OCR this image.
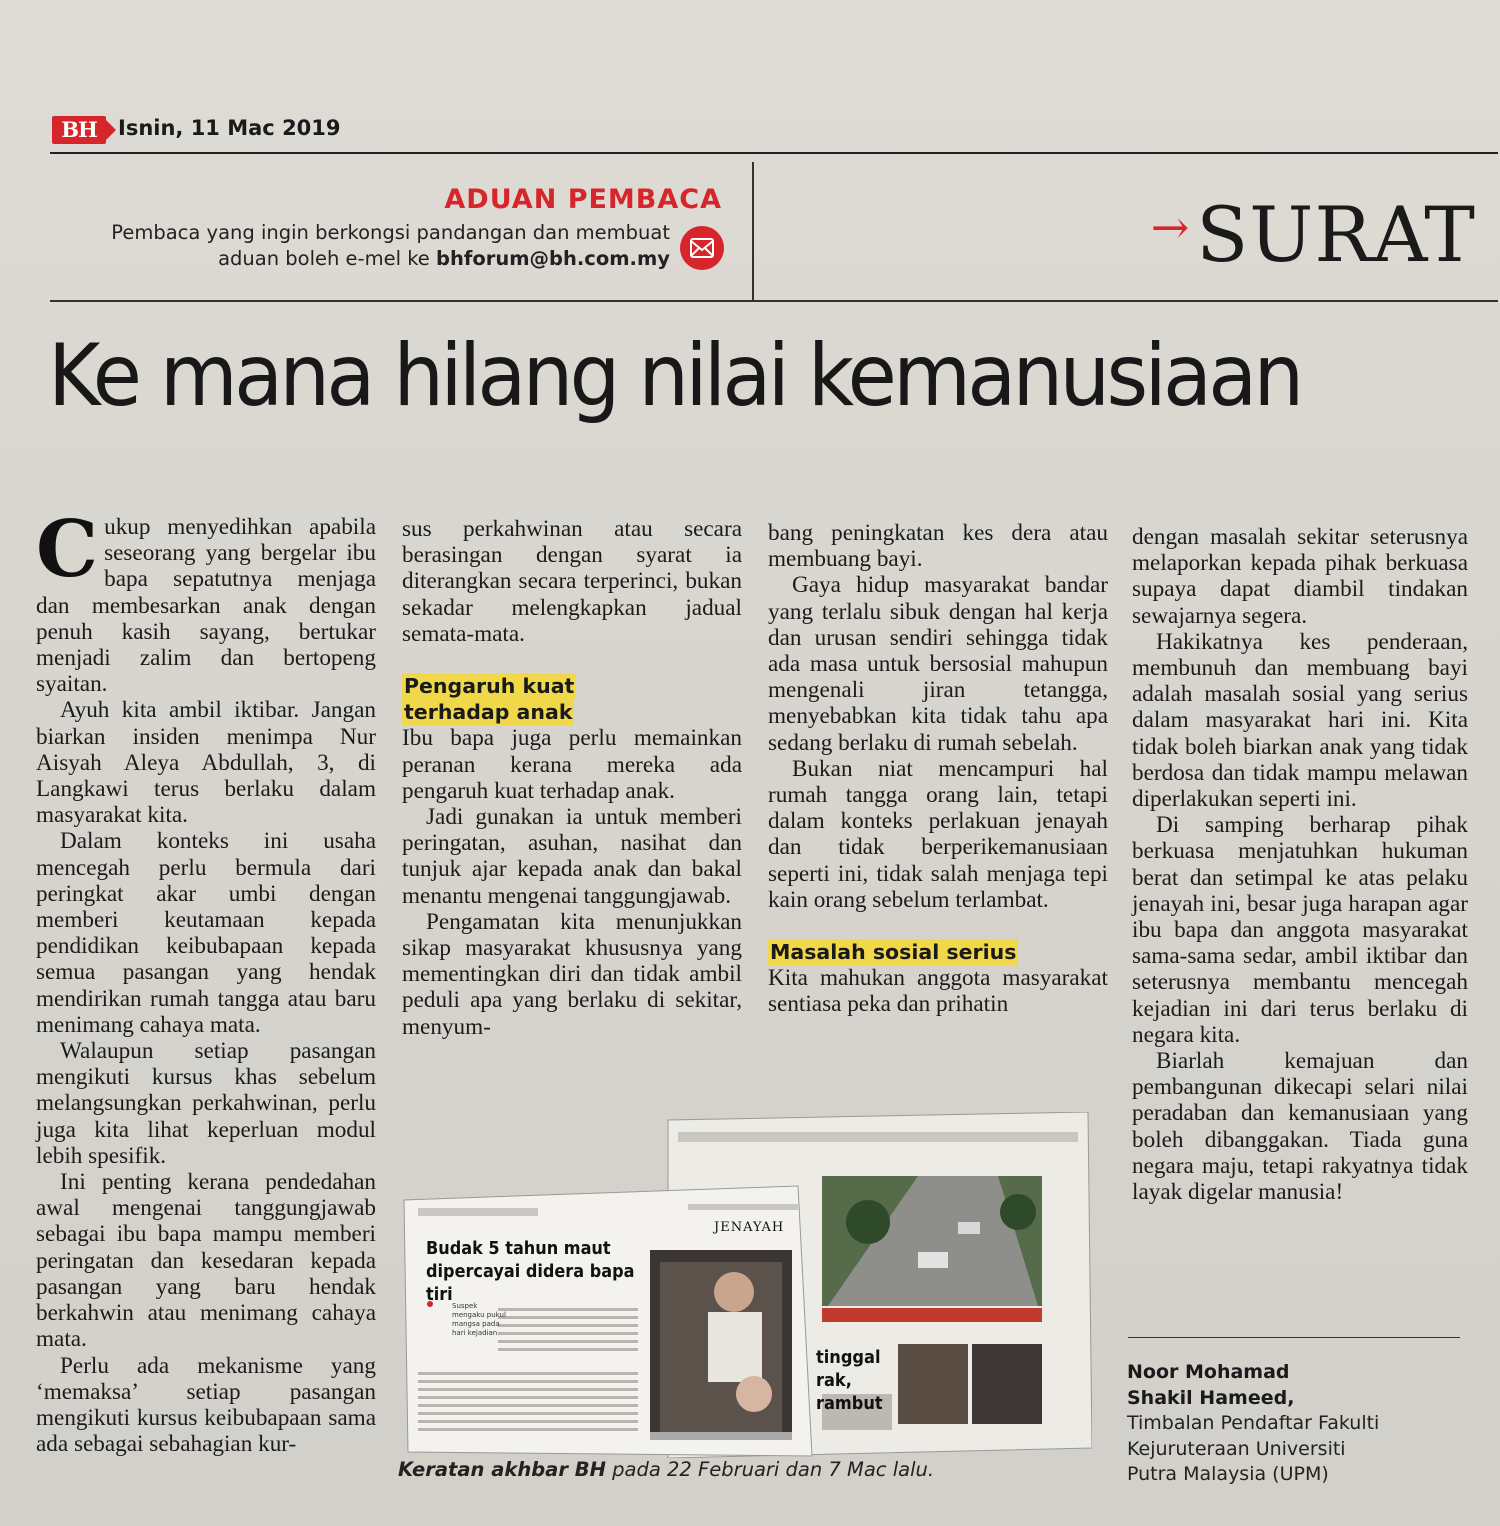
BH	Isnin, 11 Mac 2019
ADUAN PEMBACA
Pembaca yang ingin berkongsi pandangan dan membuat
aduan boleh e-mel ke bhforum@bh.com.my
→SURAT
Ke mana hilang nilai kemanusiaan

Cukup menyedihkan apabila seseorang yang bergelar ibu bapa sepatutnya menjaga dan membesarkan anak dengan penuh kasih sayang, bertukar menjadi zalim dan bertopeng syaitan.

Ayuh kita ambil iktibar. Jangan biarkan insiden menimpa Nur Aisyah Aleya Abdullah, 3, di Langkawi terus berlaku dalam masyarakat kita.

Dalam konteks ini usaha mencegah perlu bermula dari peringkat akar umbi dengan memberi keutamaan kepada pendidikan keibubapaan kepada semua pasangan yang hendak mendirikan rumah tangga atau baru menimang cahaya mata.

Walaupun setiap pasangan mengikuti kursus khas sebelum melangsungkan perkahwinan, perlu juga kita lihat keperluan modul lebih spesifik.

Ini penting kerana pendedahan awal mengenai tanggungjawab sebagai ibu bapa mampu memberi peringatan dan kesedaran kepada pasangan yang baru hendak berkahwin atau menimang cahaya mata.

Perlu ada mekanisme yang ‘memaksa’ setiap pasangan mengikuti kursus keibubapaan sama ada sebagai sebahagian kur-

sus perkahwinan atau secara berasingan dengan syarat ia diterangkan secara terperinci, bukan sekadar melengkapkan jadual semata-mata.

Pengaruh kuat
terhadap anak

Ibu bapa juga perlu memainkan peranan kerana mereka ada pengaruh kuat terhadap anak.

Jadi gunakan ia untuk memberi peringatan, asuhan, nasihat dan tunjuk ajar kepada anak dan bakal menantu mengenai tanggungjawab.

Pengamatan kita menunjukkan sikap masyarakat khususnya yang mementingkan diri dan tidak ambil peduli apa yang berlaku di sekitar, menyum-

bang peningkatan kes dera atau membuang bayi.

Gaya hidup masyarakat bandar yang terlalu sibuk dengan hal kerja dan urusan sendiri sehingga tidak ada masa untuk bersosial mahupun mengenali jiran tetangga, menyebabkan kita tidak tahu apa sedang berlaku di rumah sebelah.

Bukan niat mencampuri hal rumah tangga orang lain, tetapi dalam konteks perlakuan jenayah dan tidak berperikemanusiaan seperti ini, tidak salah menjaga tepi kain orang sebelum terlambat.

Masalah sosial serius

Kita mahukan anggota masyarakat sentiasa peka dan prihatin

dengan masalah sekitar seterusnya melaporkan kepada pihak berkuasa supaya dapat diambil tindakan sewajarnya segera.

Hakikatnya kes penderaan, membunuh dan membuang bayi adalah masalah sosial yang serius dalam masyarakat hari ini. Kita tidak boleh biarkan anak yang tidak berdosa dan tidak mampu melawan diperlakukan seperti ini.

Di samping berharap pihak berkuasa menjatuhkan hukuman berat dan setimpal ke atas pelaku jenayah ini, besar juga harapan agar ibu bapa dan anggota masyarakat sama-sama sedar, ambil iktibar dan seterusnya membantu mencegah kejadian ini dari terus berlaku di negara kita.

Biarlah kemajuan dan pembangunan dikecapi selari nilai peradaban dan kemanusiaan yang boleh dibanggakan. Tiada guna negara maju, tetapi rakyatnya tidak layak digelar manusia!

JENAYAH
Budak 5 tahun maut dipercayai didera bapa tiri
Suspek mengaku pukul mangsa pada hari kejadian
tinggal rak, rambut
Keratan akhbar BH pada 22 Februari dan 7 Mac lalu.
Noor Mohamad
Shakil Hameed,
Timbalan Pendaftar Fakulti
Kejuruteraan Universiti
Putra Malaysia (UPM)
